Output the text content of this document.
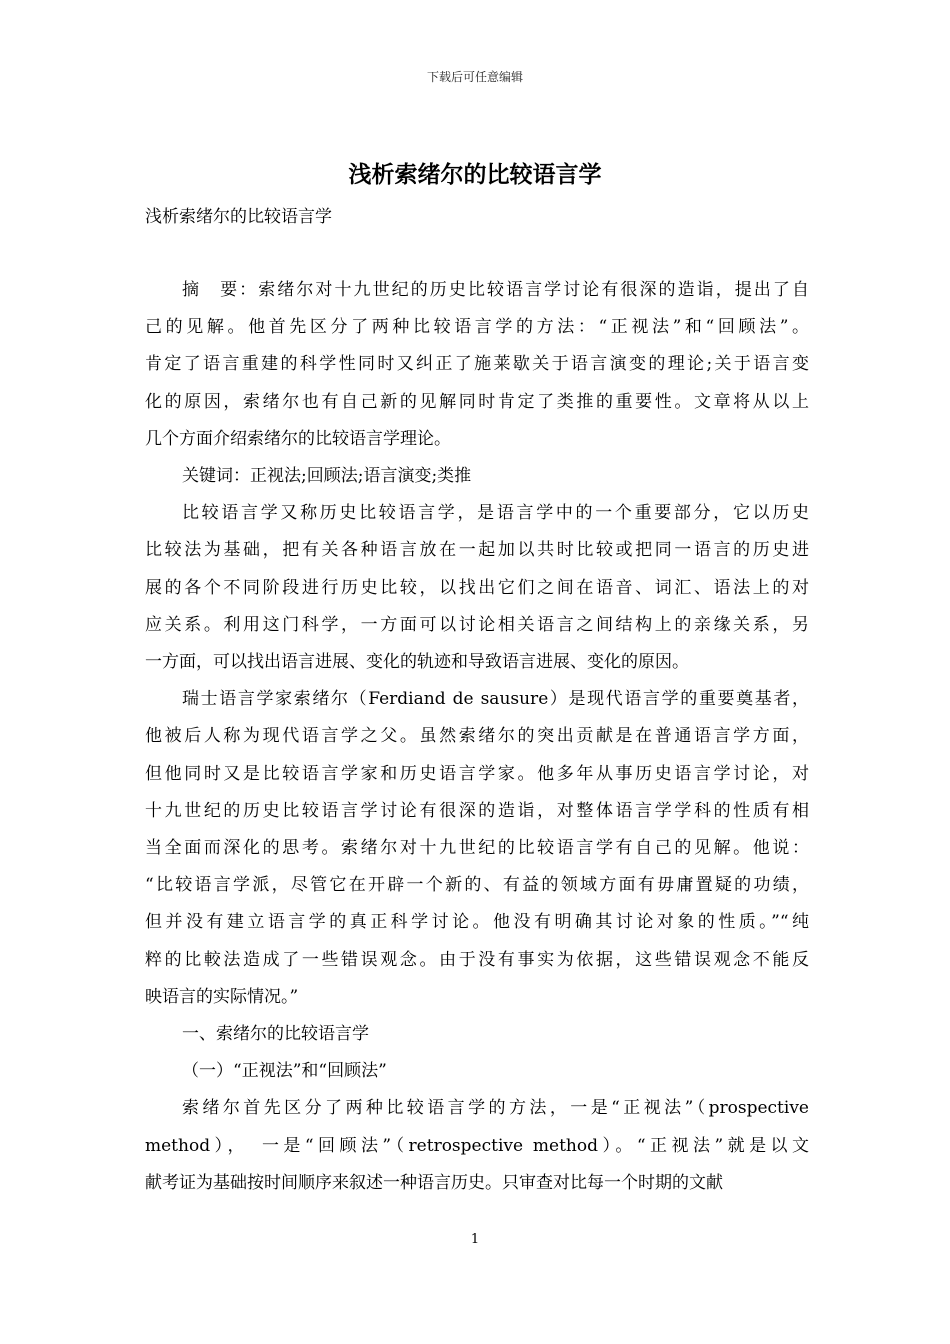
下载后可任意编辑
浅析索绪尔的比较语言学
浅析索绪尔的比较语言学

摘　要：索绪尔对十九世纪的历史比较语言学讨论有很深的造诣，提出了自
己的见解。他首先区分了两种比较语言学的方法：“正视法”和“回顾法”。
肯定了语言重建的科学性同时又纠正了施莱歇关于语言演变的理论;关于语言变
化的原因，索绪尔也有自己新的见解同时肯定了类推的重要性。文章将从以上
几个方面介绍索绪尔的比较语言学理论。

关键词：正视法;回顾法;语言演变;类推

比较语言学又称历史比较语言学，是语言学中的一个重要部分，它以历史
比较法为基础，把有关各种语言放在一起加以共时比较或把同一语言的历史进
展的各个不同阶段进行历史比较，以找出它们之间在语音、词汇、语法上的对
应关系。利用这门科学，一方面可以讨论相关语言之间结构上的亲缘关系，另
一方面，可以找出语言进展、变化的轨迹和导致语言进展、变化的原因。

瑞士语言学家索绪尔（Ferdiand de sausure）是现代语言学的重要奠基者，
他被后人称为现代语言学之父。虽然索绪尔的突出贡献是在普通语言学方面，
但他同时又是比较语言学家和历史语言学家。他多年从事历史语言学讨论，对
十九世纪的历史比较语言学讨论有很深的造诣，对整体语言学学科的性质有相
当全面而深化的思考。索绪尔对十九世纪的比较语言学有自己的见解。他说：
“比较语言学派，尽管它在开辟一个新的、有益的领域方面有毋庸置疑的功绩，
但并没有建立语言学的真正科学讨论。他没有明确其讨论对象的性质。”“纯
粹的比較法造成了一些错误观念。由于没有事实为依据，这些错误观念不能反
映语言的实际情况。”

一、索绪尔的比较语言学

（一）“正视法”和“回顾法”

索绪尔首先区分了两种比较语言学的方法，一是“正视法”（prospective
method），　一是“回顾法”（retrospective method）。“正视法”就是以文
献考证为基础按时间顺序来叙述一种语言历史。只审查对比每一个时期的文献

1
